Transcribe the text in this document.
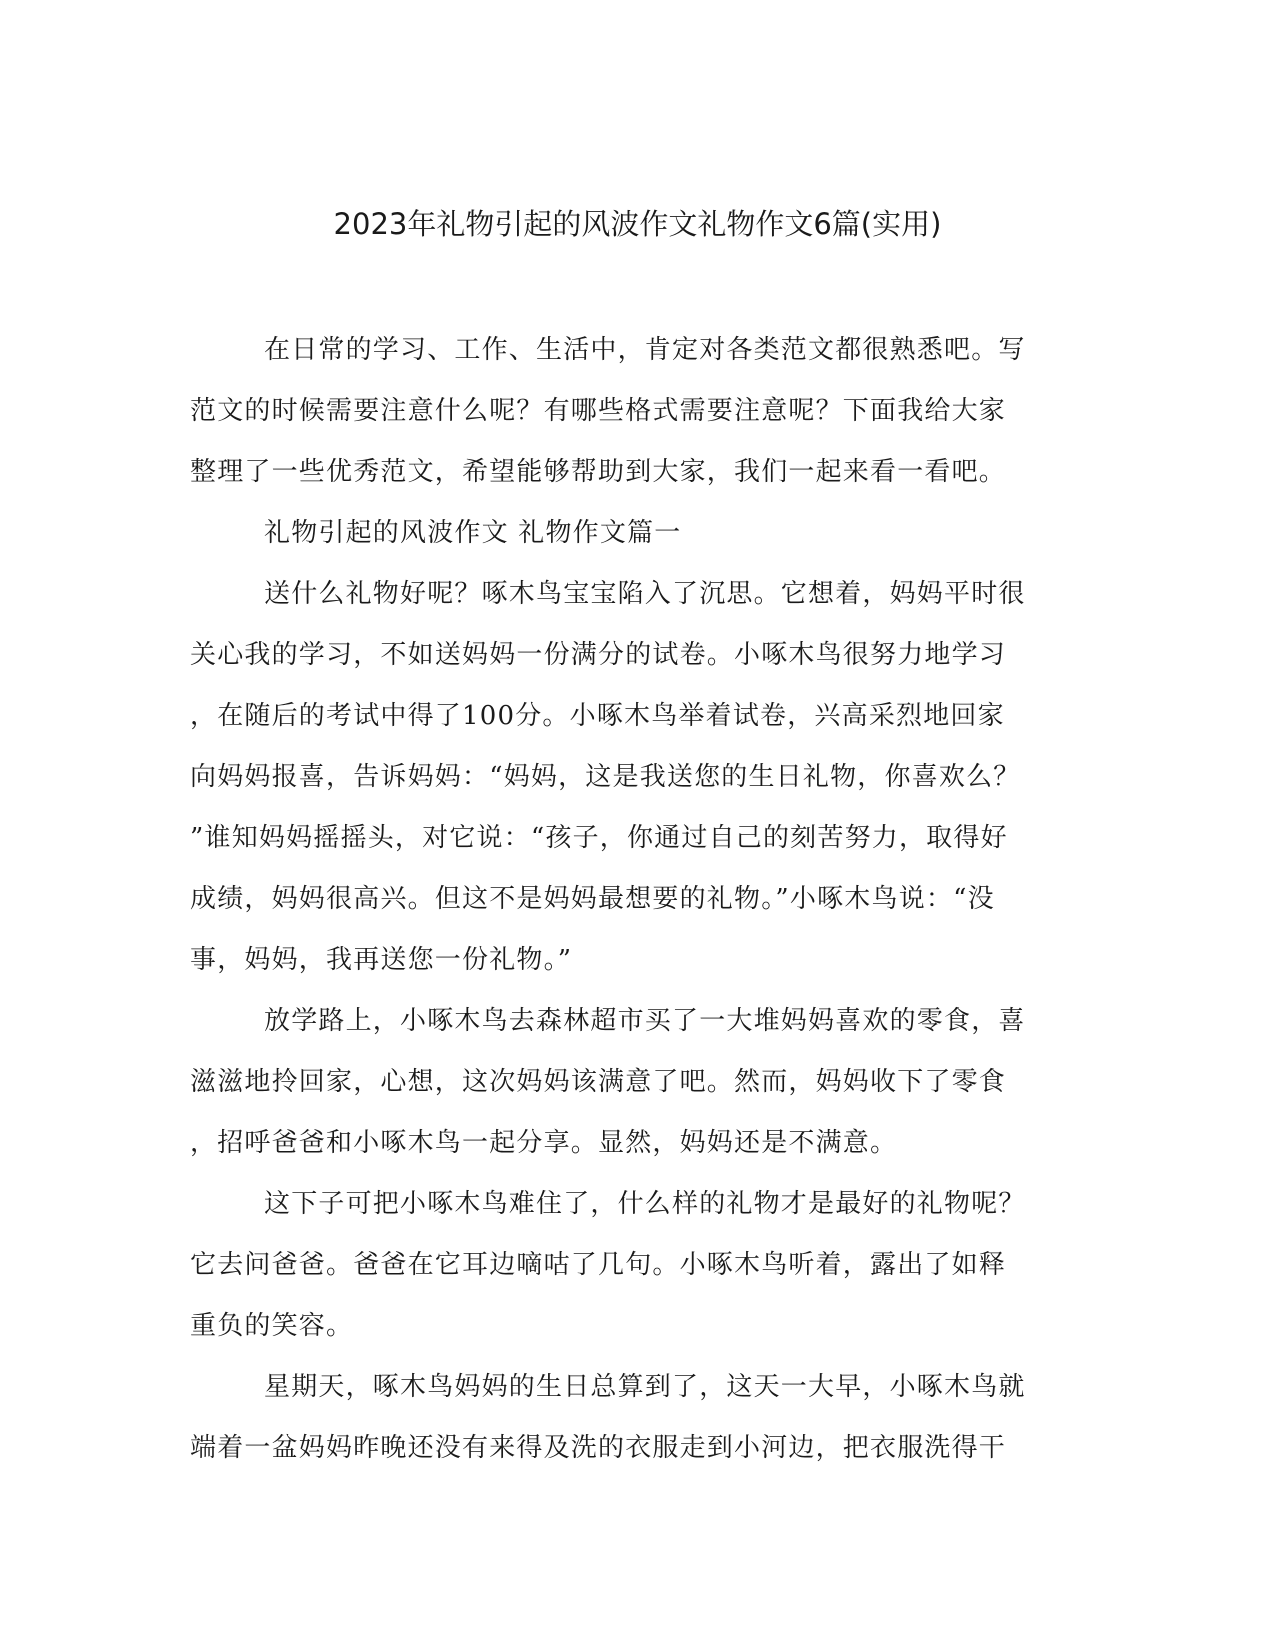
2023年礼物引起的风波作文礼物作文6篇(实用)
在日常的学习、工作、生活中，肯定对各类范文都很熟悉吧。写
范文的时候需要注意什么呢？有哪些格式需要注意呢？下面我给大家
整理了一些优秀范文，希望能够帮助到大家，我们一起来看一看吧。
礼物引起的风波作文 礼物作文篇一
送什么礼物好呢？啄木鸟宝宝陷入了沉思。它想着，妈妈平时很
关心我的学习，不如送妈妈一份满分的试卷。小啄木鸟很努力地学习
，在随后的考试中得了100分。小啄木鸟举着试卷，兴高采烈地回家
向妈妈报喜，告诉妈妈：“妈妈，这是我送您的生日礼物，你喜欢么？
”谁知妈妈摇摇头，对它说：“孩子，你通过自己的刻苦努力，取得好
成绩，妈妈很高兴。但这不是妈妈最想要的礼物。”小啄木鸟说：“没
事，妈妈，我再送您一份礼物。”
放学路上，小啄木鸟去森林超市买了一大堆妈妈喜欢的零食，喜
滋滋地拎回家，心想，这次妈妈该满意了吧。然而，妈妈收下了零食
，招呼爸爸和小啄木鸟一起分享。显然，妈妈还是不满意。
这下子可把小啄木鸟难住了，什么样的礼物才是最好的礼物呢？
它去问爸爸。爸爸在它耳边嘀咕了几句。小啄木鸟听着，露出了如释
重负的笑容。
星期天，啄木鸟妈妈的生日总算到了，这天一大早，小啄木鸟就
端着一盆妈妈昨晚还没有来得及洗的衣服走到小河边，把衣服洗得干
